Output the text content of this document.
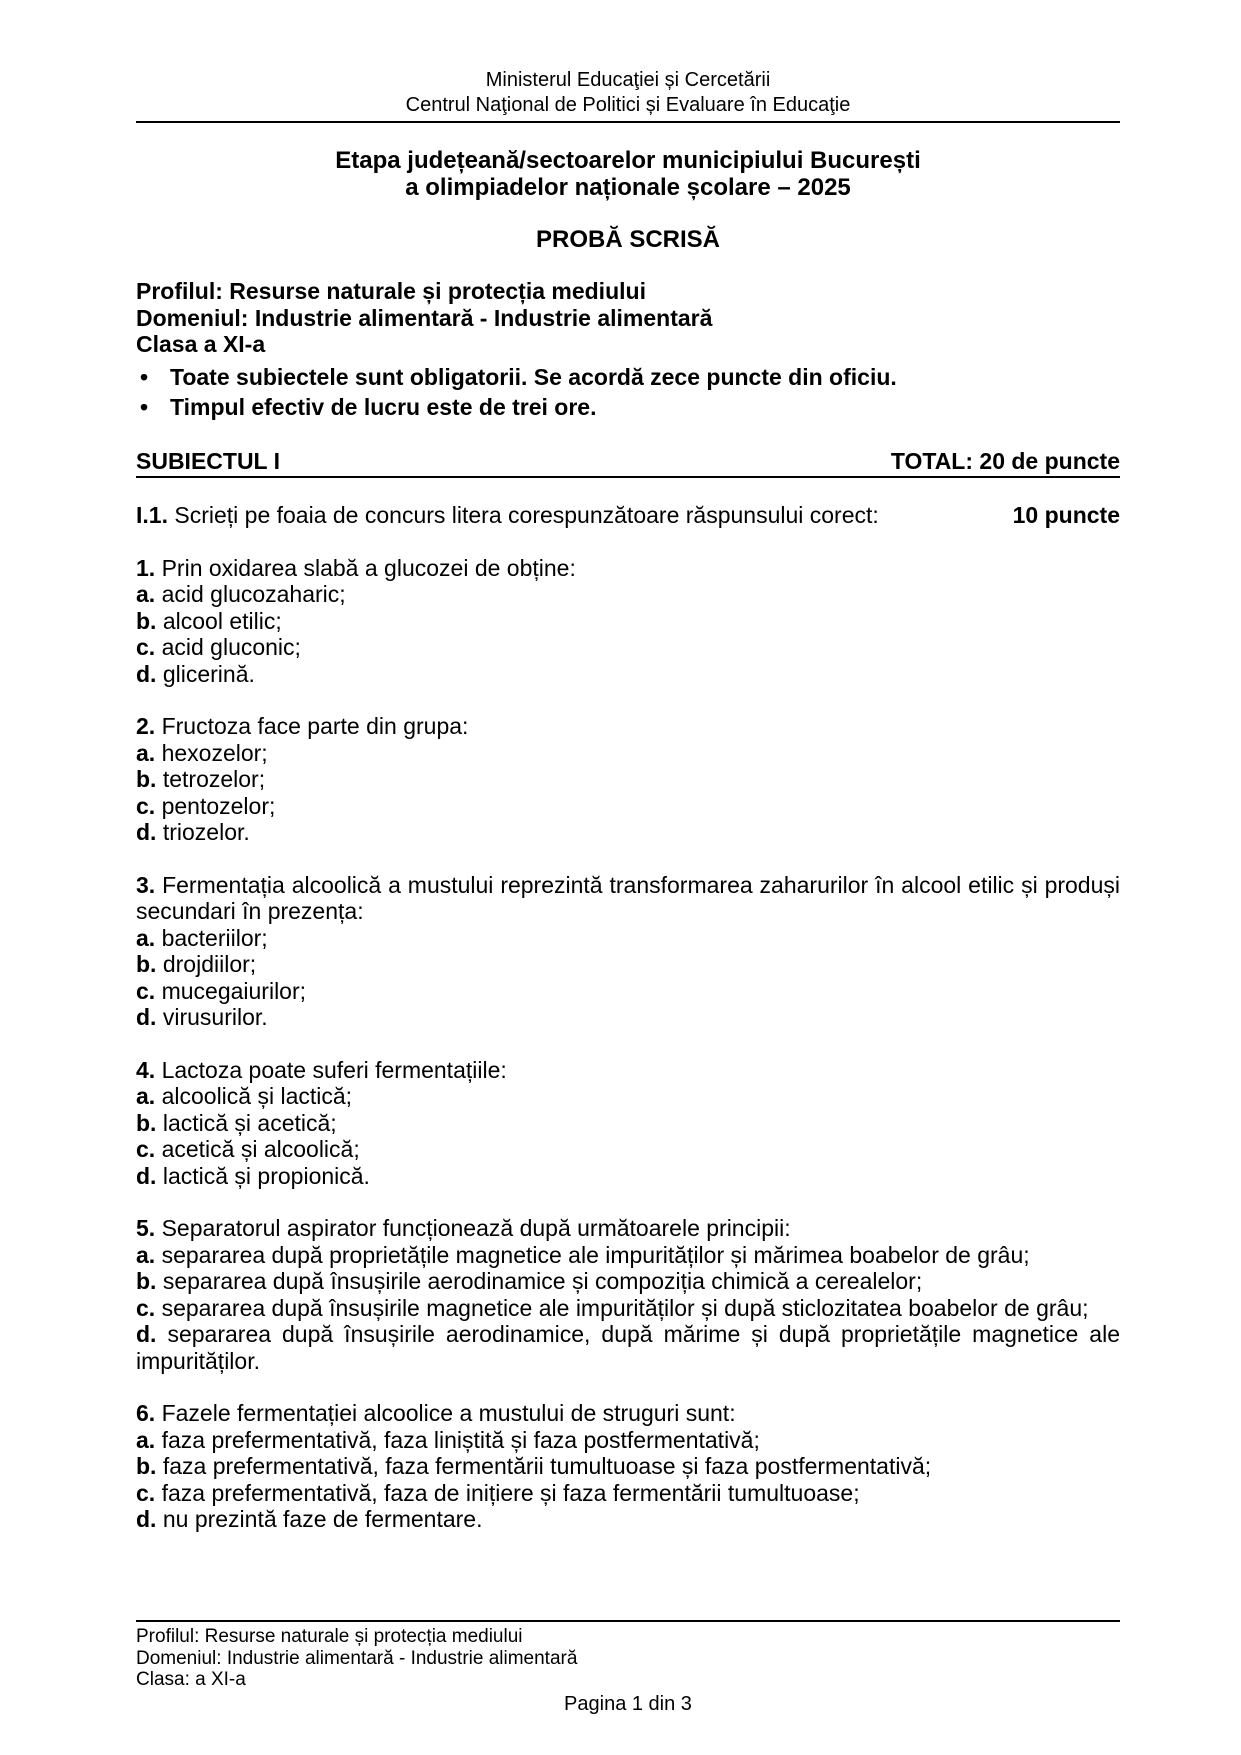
Ministerul Educaţiei și Cercetării

Centrul Naţional de Politici și Evaluare în Educaţie

Etapa județeană/sectoarelor municipiului București

a olimpiadelor naționale școlare – 2025

PROBĂ SCRISĂ

Profilul: Resurse naturale și protecția mediului

Domeniul: Industrie alimentară - Industrie alimentară

Clasa a XI-a

• Toate subiectele sunt obligatorii. Se acordă zece puncte din oficiu.

• Timpul efectiv de lucru este de trei ore.

SUBIECTUL I	TOTAL: 20 de puncte
I.1. Scrieți pe foaia de concurs litera corespunzătoare răspunsului corect:	10 puncte

1. Prin oxidarea slabă a glucozei de obține:

a. acid glucozaharic;

b. alcool etilic;

c. acid gluconic;

d. glicerină.

2. Fructoza face parte din grupa:

a. hexozelor;

b. tetrozelor;

c. pentozelor;

d. triozelor.

3. Fermentația alcoolică a mustului reprezintă transformarea zaharurilor în alcool etilic și produși secundari în prezența:

a. bacteriilor;

b. drojdiilor;

c. mucegaiurilor;

d. virusurilor.

4. Lactoza poate suferi fermentațiile:

a. alcoolică și lactică;

b. lactică și acetică;

c. acetică și alcoolică;

d. lactică și propionică.

5. Separatorul aspirator funcționează după următoarele principii:

a. separarea după proprietățile magnetice ale impurităților și mărimea boabelor de grâu;

b. separarea după însușirile aerodinamice și compoziția chimică a cerealelor;

c. separarea după însușirile magnetice ale impurităților și după sticlozitatea boabelor de grâu;

d. separarea după însușirile aerodinamice, după mărime și după proprietățile magnetice ale impurităților.

6. Fazele fermentației alcoolice a mustului de struguri sunt:

a. faza prefermentativă, faza liniștită și faza postfermentativă;

b. faza prefermentativă, faza fermentării tumultuoase și faza postfermentativă;

c. faza prefermentativă, faza de inițiere și faza fermentării tumultuoase;

d. nu prezintă faze de fermentare.

Profilul: Resurse naturale și protecția mediului

Domeniul: Industrie alimentară - Industrie alimentară

Clasa: a XI-a

Pagina 1 din 3
